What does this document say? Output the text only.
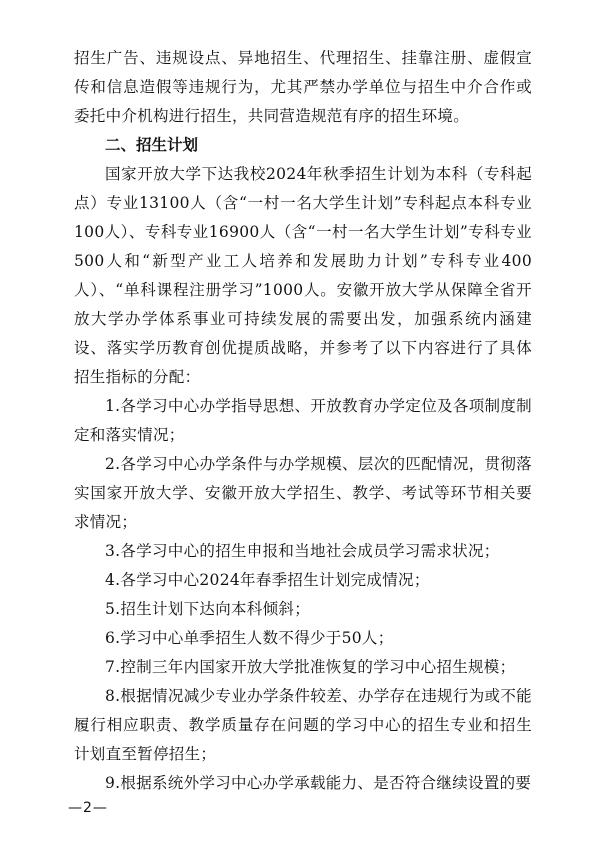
招生广告、违规设点、异地招生、代理招生、挂靠注册、虚假宣传和信息造假等违规行为，尤其严禁办学单位与招生中介合作或委托中介机构进行招生，共同营造规范有序的招生环境。

二、招生计划

国家开放大学下达我校2024年秋季招生计划为本科（专科起点）专业13100人（含“一村一名大学生计划”专科起点本科专业100人）、专科专业16900人（含“一村一名大学生计划”专科专业500人和“新型产业工人培养和发展助力计划”专科专业400人）、“单科课程注册学习”1000人。安徽开放大学从保障全省开放大学办学体系事业可持续发展的需要出发，加强系统内涵建设、落实学历教育创优提质战略，并参考了以下内容进行了具体招生指标的分配：

1.各学习中心办学指导思想、开放教育办学定位及各项制度制定和落实情况；

2.各学习中心办学条件与办学规模、层次的匹配情况，贯彻落实国家开放大学、安徽开放大学招生、教学、考试等环节相关要求情况；

3.各学习中心的招生申报和当地社会成员学习需求状况；

4.各学习中心2024年春季招生计划完成情况；

5.招生计划下达向本科倾斜；

6.学习中心单季招生人数不得少于50人；

7.控制三年内国家开放大学批准恢复的学习中心招生规模；

8.根据情况减少专业办学条件较差、办学存在违规行为或不能履行相应职责、教学质量存在问题的学习中心的招生专业和招生计划直至暂停招生；

9.根据系统外学习中心办学承载能力、是否符合继续设置的要

—2—
